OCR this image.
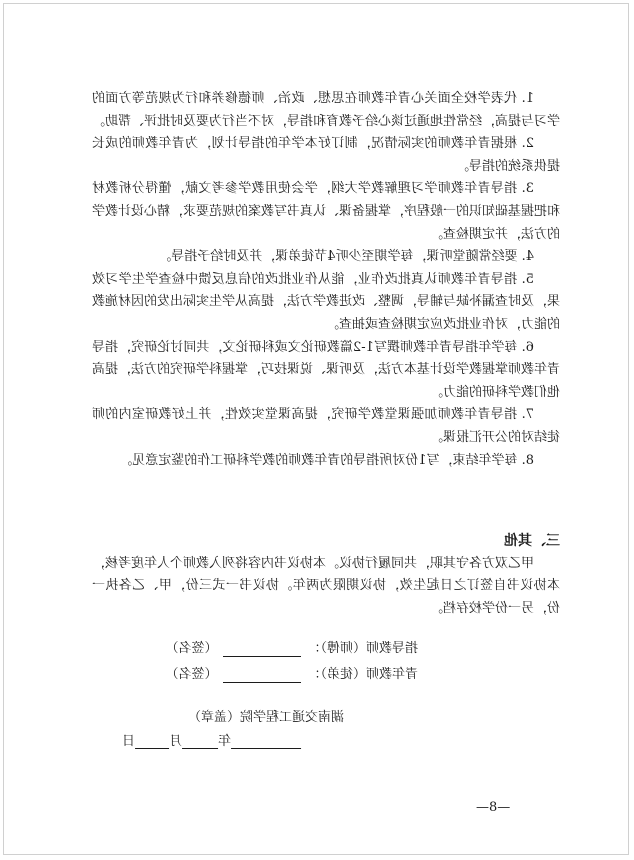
1. 代表学校全面关心青年教师在思想、政治、师德修养和行为规范等方面的学习与提高，经常性地通过谈心给予教育和指导，对不当行为要及时批评、帮助。

2. 根据青年教师的实际情况，制订好本学年的指导计划，为青年教师的成长提供系统的指导。

3. 指导青年教师学习理解教学大纲，学会使用教学参考文献，懂得分析教材和把握基础知识的一般程序，掌握备课、认真书写教案的规范要求，精心设计教学的方法，并定期检查。

4. 要经常随堂听课，每学期至少听4节徒弟课，并及时给予指导。

5. 指导青年教师认真批改作业，能从作业批改的信息反馈中检查学生学习效果，及时查漏补缺与辅导，调整、改进教学方法，提高从学生实际出发的因材施教的能力，对作业批改应定期检查或抽查。

6. 每学年指导青年教师撰写1-2篇教研论文或科研论文，共同讨论研究，指导青年教师掌握教学设计基本方法，及听课、说课技巧，掌握科学研究的方法，提高他们教学科研的能力。

7. 指导青年教师加强课堂教学研究，提高课堂实效性，并上好教研室内的师徒结对的公开汇报课。

8. 每学年结束，写1份对所指导的青年教师的教学科研工作的鉴定意见。

三、其他

甲乙双方各守其职，共同履行协议。本协议书内容将列入教师个人年度考核，本协议书自签订之日起生效，协议期限为两年。协议书一式三份，甲、乙各执一份，另一份学校存档。

指导教师（师傅）：（签名）
青年教师（徒弟）：（签名）
湖南交通工程学院（盖章）
年月日
—8—
